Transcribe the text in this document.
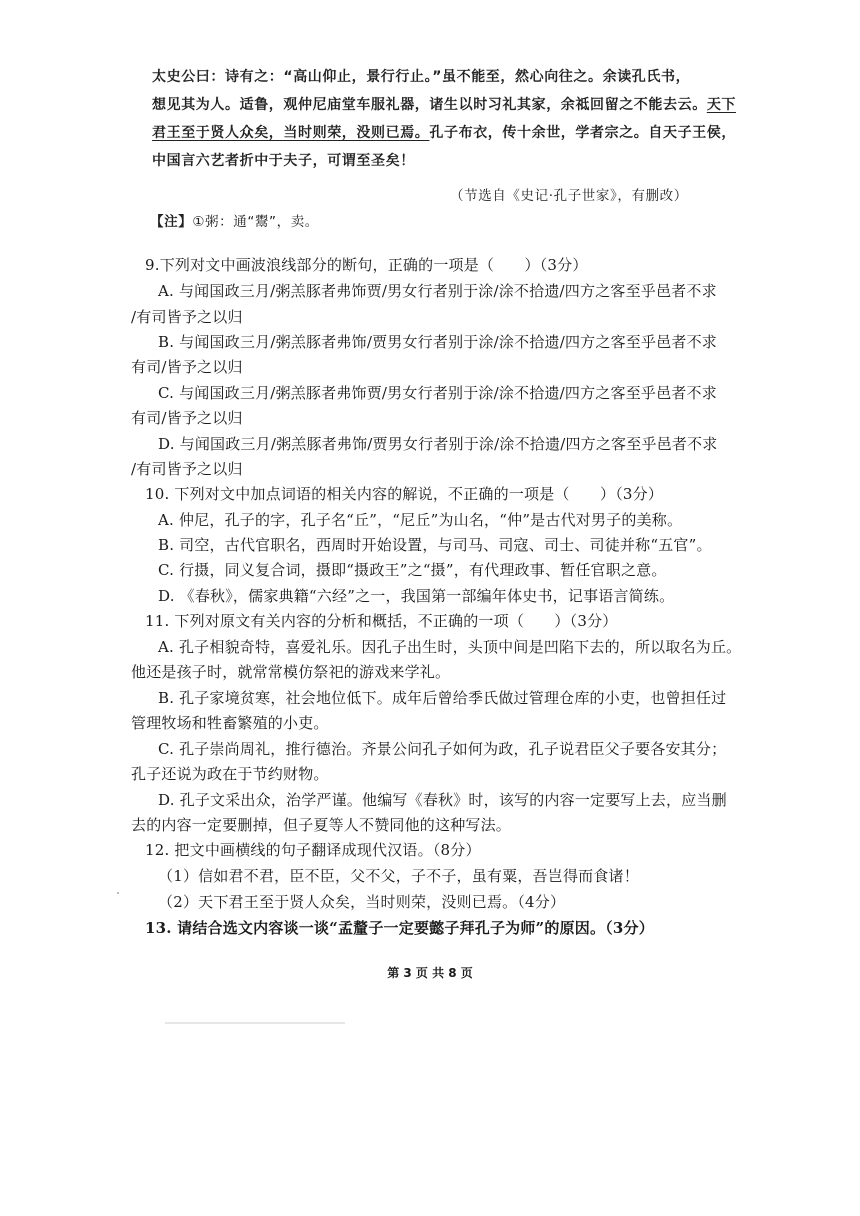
太史公曰：诗有之：“高山仰止，景行行止。”虽不能至，然心向往之。余读孔氏书，
想见其为人。适鲁，观仲尼庙堂车服礼器，诸生以时习礼其家，余祗回留之不能去云。天下
君王至于贤人众矣，当时则荣，没则已焉。孔子布衣，传十余世，学者宗之。自天子王侯，
中国言六艺者折中于夫子，可谓至圣矣！
（节选自《史记·孔子世家》，有删改）
【注】①粥：通“鬻”，卖。
9.下列对文中画波浪线部分的断句，正确的一项是（　　）（3分）
A. 与闻国政三月/粥羔豚者弗饰贾/男女行者别于涂/涂不拾遗/四方之客至乎邑者不求
/有司皆予之以归
B. 与闻国政三月/粥羔豚者弗饰/贾男女行者别于涂/涂不拾遗/四方之客至乎邑者不求
有司/皆予之以归
C. 与闻国政三月/粥羔豚者弗饰贾/男女行者别于涂/涂不拾遗/四方之客至乎邑者不求
有司/皆予之以归
D. 与闻国政三月/粥羔豚者弗饰/贾男女行者别于涂/涂不拾遗/四方之客至乎邑者不求
/有司皆予之以归
10. 下列对文中加点词语的相关内容的解说，不正确的一项是（　　）（3分）
A. 仲尼，孔子的字，孔子名“丘”，“尼丘”为山名，“仲”是古代对男子的美称。
B. 司空，古代官职名，西周时开始设置，与司马、司寇、司士、司徒并称“五官”。
C. 行摄，同义复合词，摄即“摄政王”之“摄”，有代理政事、暂任官职之意。
D. 《春秋》，儒家典籍“六经”之一，我国第一部编年体史书，记事语言简练。
11. 下列对原文有关内容的分析和概括，不正确的一项（　　）（3分）
A. 孔子相貌奇特，喜爱礼乐。因孔子出生时，头顶中间是凹陷下去的，所以取名为丘。
他还是孩子时，就常常模仿祭祀的游戏来学礼。
B. 孔子家境贫寒，社会地位低下。成年后曾给季氏做过管理仓库的小吏，也曾担任过
管理牧场和牲畜繁殖的小吏。
C. 孔子崇尚周礼，推行德治。齐景公问孔子如何为政，孔子说君臣父子要各安其分；
孔子还说为政在于节约财物。
D. 孔子文采出众，治学严谨。他编写《春秋》时，该写的内容一定要写上去，应当删
去的内容一定要删掉，但子夏等人不赞同他的这种写法。
12. 把文中画横线的句子翻译成现代汉语。（8分）
（1）信如君不君，臣不臣，父不父，子不子，虽有粟，吾岂得而食诸！
（2）天下君王至于贤人众矣，当时则荣，没则已焉。（4分）
13. 请结合选文内容谈一谈“孟釐子一定要懿子拜孔子为师”的原因。（3分）
第 3 页 共 8 页
